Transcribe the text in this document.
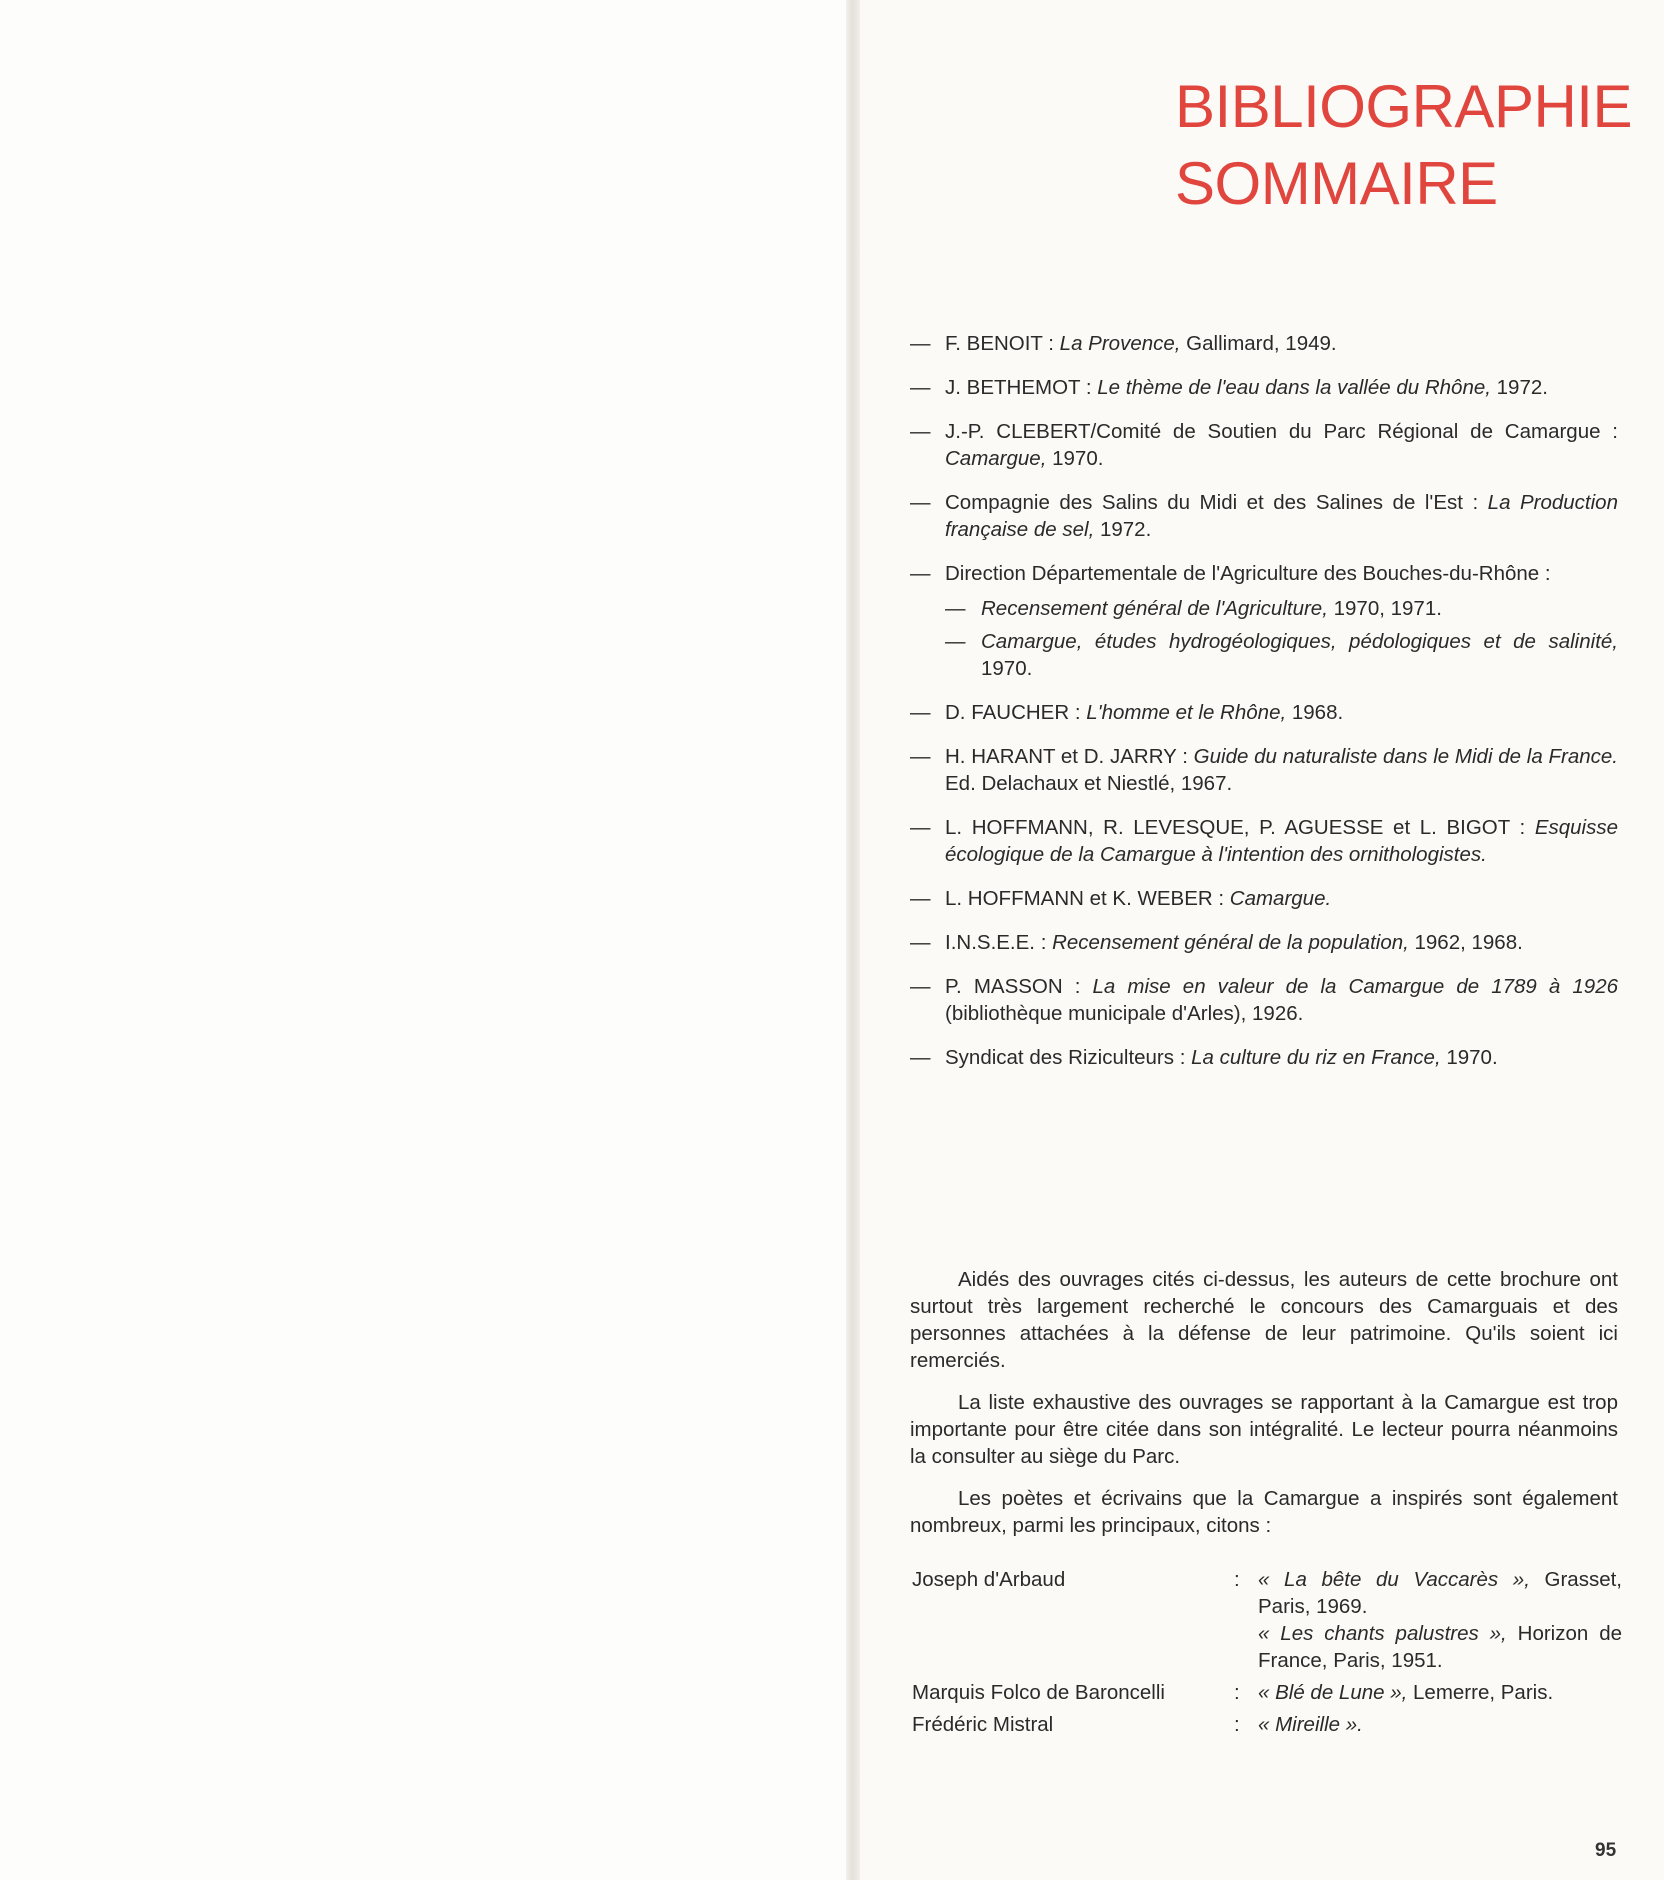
BIBLIOGRAPHIE
SOMMAIRE
— F. BENOIT : La Provence, Gallimard, 1949.
— J. BETHEMOT : Le thème de l'eau dans la vallée du Rhône, 1972.
— J.-P. CLEBERT/Comité de Soutien du Parc Régional de Camargue : Camargue, 1970.
— Compagnie des Salins du Midi et des Salines de l'Est : La Production française de sel, 1972.
— Direction Départementale de l'Agriculture des Bouches-du-Rhône :
— Recensement général de l'Agriculture, 1970, 1971.
— Camargue, études hydrogéologiques, pédologiques et de salinité, 1970.
— D. FAUCHER : L'homme et le Rhône, 1968.
— H. HARANT et D. JARRY : Guide du naturaliste dans le Midi de la France. Ed. Delachaux et Niestlé, 1967.
— L. HOFFMANN, R. LEVESQUE, P. AGUESSE et L. BIGOT : Esquisse écologique de la Camargue à l'intention des ornithologistes.
— L. HOFFMANN et K. WEBER : Camargue.
— I.N.S.E.E. : Recensement général de la population, 1962, 1968.
— P. MASSON : La mise en valeur de la Camargue de 1789 à 1926 (bibliothèque municipale d'Arles), 1926.
— Syndicat des Riziculteurs : La culture du riz en France, 1970.

Aidés des ouvrages cités ci-dessus, les auteurs de cette brochure ont surtout très largement recherché le concours des Camarguais et des personnes attachées à la défense de leur patrimoine. Qu'ils soient ici remerciés.

La liste exhaustive des ouvrages se rapportant à la Camargue est trop importante pour être citée dans son intégralité. Le lecteur pourra néanmoins la consulter au siège du Parc.

Les poètes et écrivains que la Camargue a inspirés sont également nombreux, parmi les principaux, citons :

Joseph d'Arbaud	: « La bête du Vaccarès », Grasset, Paris, 1969.
« Les chants palustres », Horizon de France, Paris, 1951.
Marquis Folco de Baroncelli	: « Blé de Lune », Lemerre, Paris.
Frédéric Mistral	: « Mireille ».
95
